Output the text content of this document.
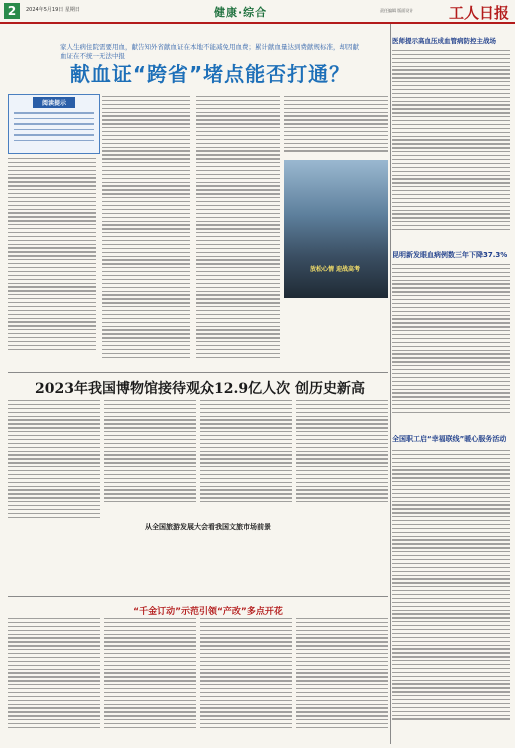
2	2024年5月19日 星期日	健康·综合	责任编辑 版面设计 工人日报
家人生病住院需要用血，献告知外省献血证在本地不能减免用血费；累计献血量达到费献规标准，却因献血证在不统一无法中报
献血证“跨省”堵点能否打通？
阅读提示
放松心情 迎战高考
医师提示高血压成血管病防控主战场
昆明新发眼血病例数三年下降37.3%
2023年我国博物馆接待观众12.9亿人次 创历史新高
从全国旅游发展大会看我国文旅市场前景
“千金订动”示范引领“产改”多点开花
全国职工启“幸福联线”暖心服务活动
